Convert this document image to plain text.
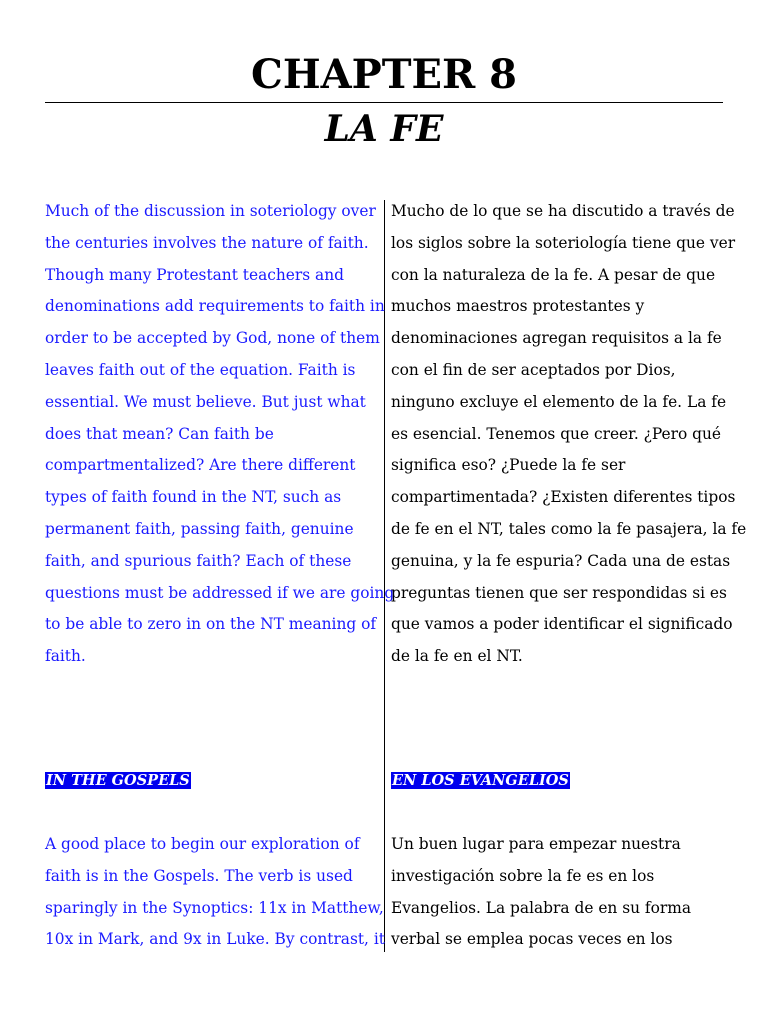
CHAPTER 8
LA FE

Much of the discussion in soteriology over
the centuries involves the nature of faith.
Though many Protestant teachers and
denominations add requirements to faith in
order to be accepted by God, none of them
leaves faith out of the equation. Faith is
essential. We must believe. But just what
does that mean? Can faith be
compartmentalized? Are there different
types of faith found in the NT, such as
permanent faith, passing faith, genuine
faith, and spurious faith? Each of these
questions must be addressed if we are going
to be able to zero in on the NT meaning of
faith.

Mucho de lo que se ha discutido a través de
los siglos sobre la soteriología tiene que ver
con la naturaleza de la fe. A pesar de que
muchos maestros protestantes y
denominaciones agregan requisitos a la fe
con el fin de ser aceptados por Dios,
ninguno excluye el elemento de la fe. La fe
es esencial. Tenemos que creer. ¿Pero qué
significa eso? ¿Puede la fe ser
compartimentada? ¿Existen diferentes tipos
de fe en el NT, tales como la fe pasajera, la fe
genuina, y la fe espuria? Cada una de estas
preguntas tienen que ser respondidas si es
que vamos a poder identificar el significado
de la fe en el NT.

IN THE GOSPELS	EN LOS EVANGELIOS

A good place to begin our exploration of
faith is in the Gospels. The verb is used
sparingly in the Synoptics: 11x in Matthew,
10x in Mark, and 9x in Luke. By contrast, it

Un buen lugar para empezar nuestra
investigación sobre la fe es en los
Evangelios. La palabra de en su forma
verbal se emplea pocas veces en los
